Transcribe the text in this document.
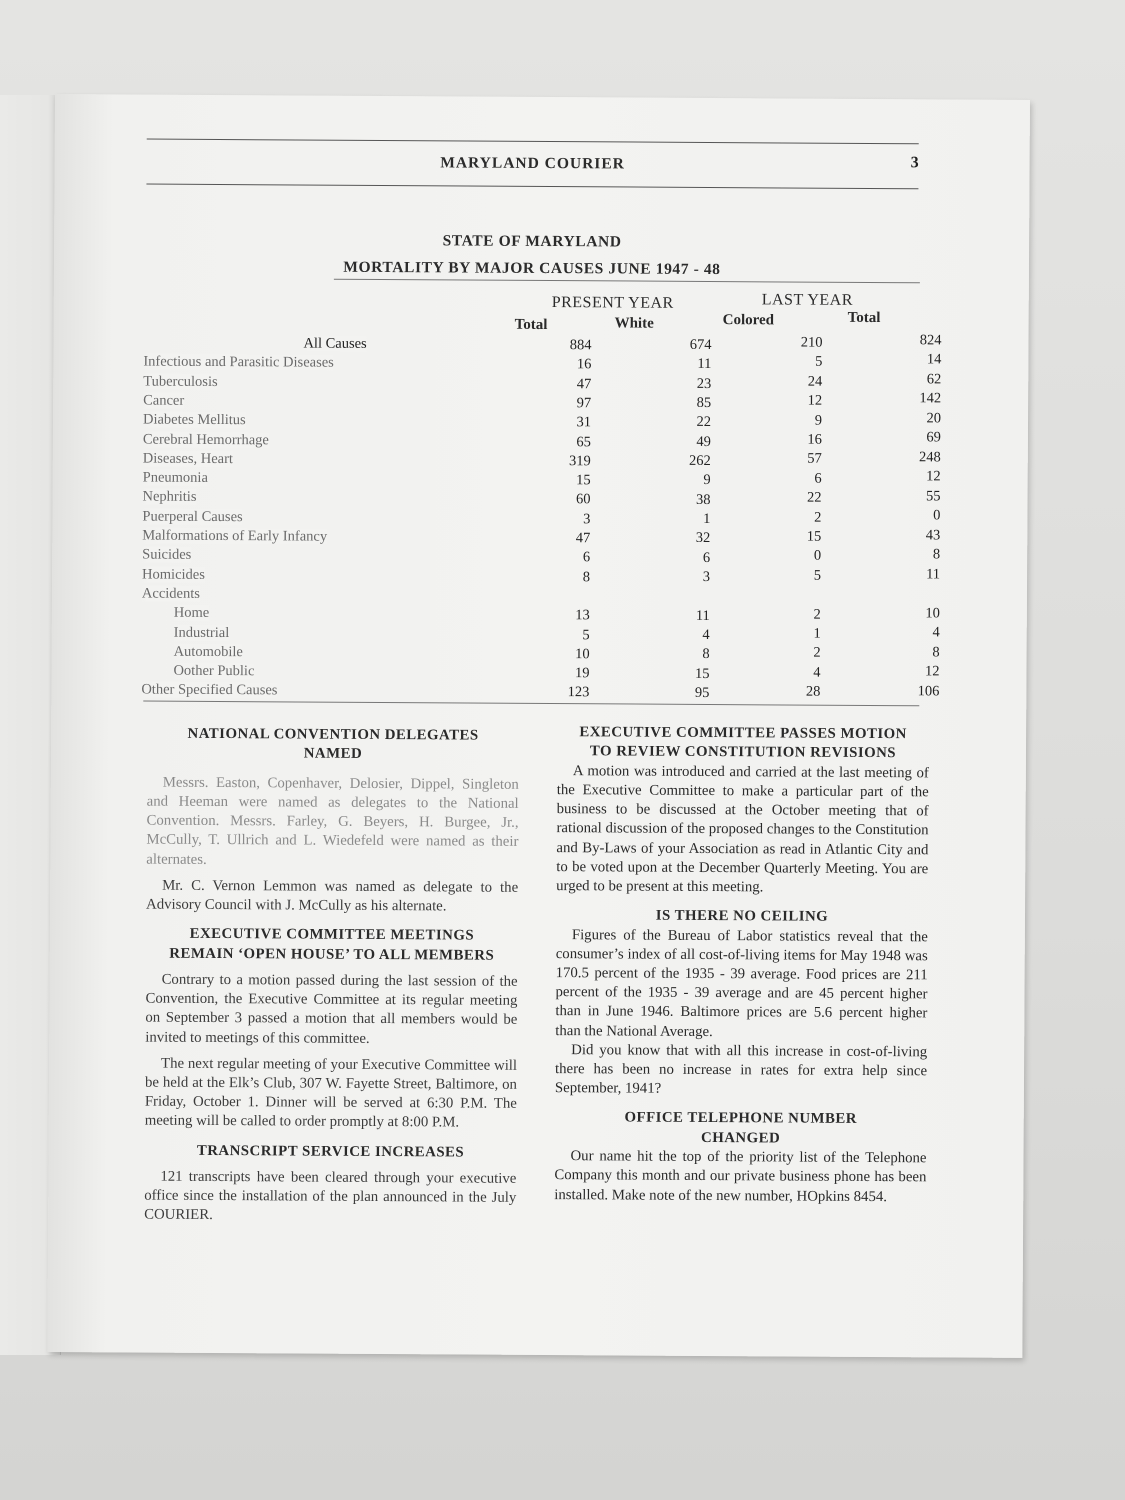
MARYLAND COURIER	3
STATE OF MARYLAND
MORTALITY BY MAJOR CAUSES JUNE 1947 - 48
PRESENT YEAR	LAST YEAR
Total	White	Colored	Total
All Causes	884	674	210	824
Infectious and Parasitic Diseases	16	11	5	14
Tuberculosis	47	23	24	62
Cancer	97	85	12	142
Diabetes Mellitus	31	22	9	20
Cerebral Hemorrhage	65	49	16	69
Diseases, Heart	319	262	57	248
Pneumonia	15	9	6	12
Nephritis	60	38	22	55
Puerperal Causes	3	1	2	0
Malformations of Early Infancy	47	32	15	43
Suicides	6	6	0	8
Homicides	8	3	5	11
Accidents
Home	13	11	2	10
Industrial	5	4	1	4
Automobile	10	8	2	8
Oother Public	19	15	4	12
Other Specified Causes	123	95	28	106
NATIONAL CONVENTION DELEGATES
NAMED

Messrs. Easton, Copenhaver, Delosier, Dippel, Singleton and Heeman were named as delegates to the National Convention. Messrs. Farley, G. Beyers, H. Burgee, Jr., McCully, T. Ullrich and L. Wiedefeld were named as their alternates.

Mr. C. Vernon Lemmon was named as delegate to the Advisory Council with J. McCully as his alternate.

EXECUTIVE COMMITTEE MEETINGS
REMAIN ‘OPEN HOUSE’ TO ALL MEMBERS

Contrary to a motion passed during the last session of the Convention, the Executive Committee at its regular meeting on September 3 passed a motion that all members would be invited to meetings of this committee.

The next regular meeting of your Executive Committee will be held at the Elk’s Club, 307 W. Fayette Street, Baltimore, on Friday, October 1. Dinner will be served at 6:30 P.M. The meeting will be called to order promptly at 8:00 P.M.

TRANSCRIPT SERVICE INCREASES

121 transcripts have been cleared through your executive office since the installation of the plan announced in the July COURIER.

EXECUTIVE COMMITTEE PASSES MOTION
TO REVIEW CONSTITUTION REVISIONS

A motion was introduced and carried at the last meeting of the Executive Committee to make a particular part of the business to be discussed at the October meeting that of rational discussion of the proposed changes to the Constitution and By-Laws of your Association as read in Atlantic City and to be voted upon at the December Quarterly Meeting. You are urged to be present at this meeting.

IS THERE NO CEILING

Figures of the Bureau of Labor statistics reveal that the consumer’s index of all cost-of-living items for May 1948 was 170.5 percent of the 1935 - 39 average. Food prices are 211 percent of the 1935 - 39 average and are 45 percent higher than in June 1946. Baltimore prices are 5.6 percent higher than the National Average.

Did you know that with all this increase in cost-of-living there has been no increase in rates for extra help since September, 1941?

OFFICE TELEPHONE NUMBER
CHANGED

Our name hit the top of the priority list of the Telephone Company this month and our private business phone has been installed. Make note of the new number, HOpkins 8454.
